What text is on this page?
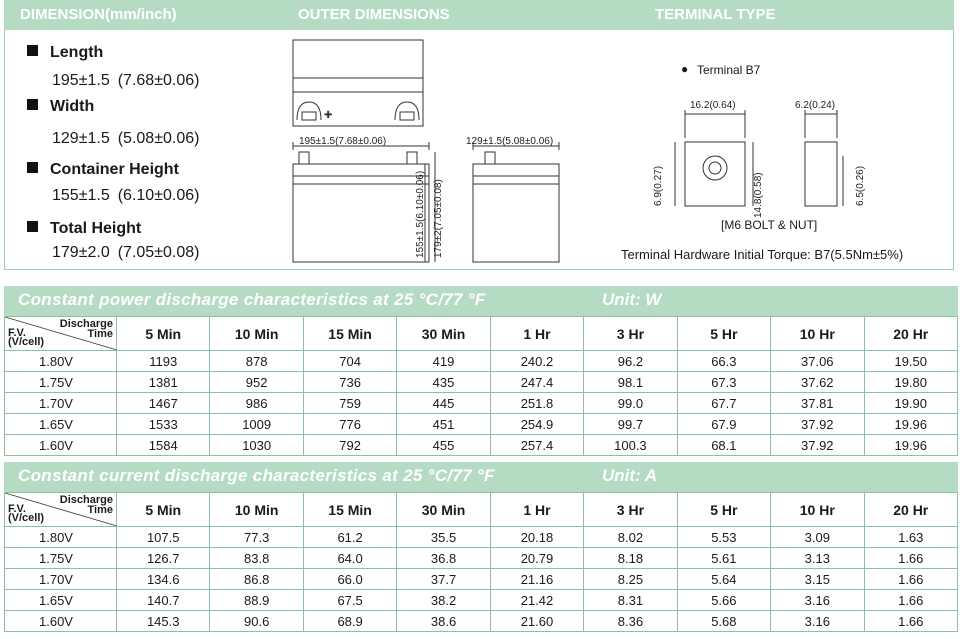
DIMENSION(mm/inch)	OUTER DIMENSIONS	TERMINAL TYPE
Length
195±1.5 (7.68±0.06)
Width
129±1.5 (5.08±0.06)
Container Height
155±1.5 (6.10±0.06)
Total Height
179±2.0 (7.05±0.08)
✚
195±1.5(7.68±0.06)
155±1.5(6.10±0.06) 179±2(7.05±0.08)
129±1.5(5.08±0.06)
● Terminal B7
16.2(0.64)	6.2(0.24)
6.9(0.27)	14.8(0.58)	6.5(0.26)
[M6 BOLT & NUT]
Terminal Hardware Initial Torque: B7(5.5Nm±5%)
Constant power discharge characteristics at 25 °C/77 °F	Unit: W
Discharge
Time
F.V.
(V/cell)	5 Min	10 Min	15 Min	30 Min	1 Hr	3 Hr	5 Hr	10 Hr	20 Hr
1.80V	1193	878	704	419	240.2	96.2	66.3	37.06	19.50
1.75V	1381	952	736	435	247.4	98.1	67.3	37.62	19.80
1.70V	1467	986	759	445	251.8	99.0	67.7	37.81	19.90
1.65V	1533	1009	776	451	254.9	99.7	67.9	37.92	19.96
1.60V	1584	1030	792	455	257.4	100.3	68.1	37.92	19.96
Constant current discharge characteristics at 25 °C/77 °F	Unit: A
Discharge
Time
F.V.
(V/cell)	5 Min	10 Min	15 Min	30 Min	1 Hr	3 Hr	5 Hr	10 Hr	20 Hr
1.80V	107.5	77.3	61.2	35.5	20.18	8.02	5.53	3.09	1.63
1.75V	126.7	83.8	64.0	36.8	20.79	8.18	5.61	3.13	1.66
1.70V	134.6	86.8	66.0	37.7	21.16	8.25	5.64	3.15	1.66
1.65V	140.7	88.9	67.5	38.2	21.42	8.31	5.66	3.16	1.66
1.60V	145.3	90.6	68.9	38.6	21.60	8.36	5.68	3.16	1.66
